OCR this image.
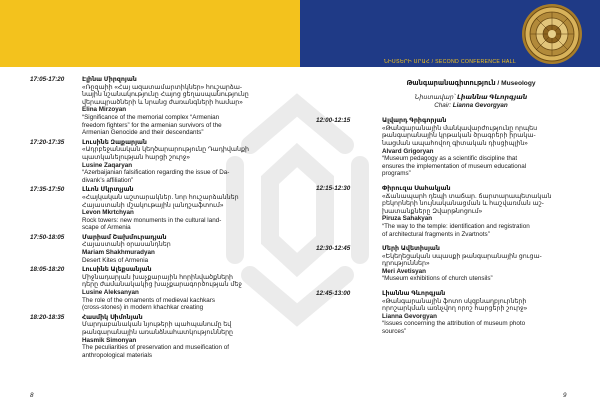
ՆԻՍՏԵՐԻ ՍՐԱՀ / SECOND CONFERENCE HALL
17:05-17:20	Էլինա Միրզոյան
«Ռըզաիի «Հայ ազատամարտիկներ» հուշարձա-
նային նշանակությունը Հայոց ցեղասպանությունը
վերապրածների և նրանց ժառանգների համար»
Elina Mirzoyan
“Significance of the memorial complex “Armenian
freedom fighters” for the armenian survivors of the
Armenian Genocide and their descendants”
17:20-17:35	Լուսինե Զաքարյան
«Ադրբեջանական կեղծարարությունը Դադիվանքի
պատկանելության հարցի շուրջ»
Lusine Zaqaryan
“Azerbaijanian falsification regarding the issue of Da-
divank’s affiliation”
17:35-17:50	Լևոն Մկրտչյան
«Հայկական աշտարակներ. նոր հուշարձաններ
Հայաստանի մշակութային լանդշաֆտում»
Levon Mkrtchyan
Rock towers: new monuments in the cultural land-
scape of Armenia
17:50-18:05	Մարիամ Շախմուրադյան
Հայաստանի օրասանդներ
Mariam Shakhmuradyan
Desert Kites of Armenia
18:05-18:20	Լուսինե Ալեքսանյան
Միջնադարյան խաչքարային հորինվածքների
դերը ժամանակակից խաչքարագործության մեջ
Lusine Aleksanyan
The role of the ornaments of medieval kachkars
(cross-stones) in modern khachkar creating
18:20-18:35	Հասմիկ Սիմոնյան
Մարդաբանական նյութերի պահպանումը եվ
թանգարանային առանձնահատկությունները
Hasmik Simonyan
The peculiarities of preservation and museification of
anthropological materials
Թանգարանագիտություն / Museology
Նիստավար՝ Լիաննա Գևորգյան
Chair: Lianna Gevorgyan
12:00-12:15	Ալվարդ Գրիգորյան
«Թանգարանային մանկավարժությունը որպես
թանգարանային կրթական ծրագրերի իրակա-
նացման ապահովող գիտական դիսցիպլին»
Alvard Grigoryan
“Museum pedagogy as a scientific discipline that
ensures the implementation of museum educational
programs”
12:15-12:30	Փիրուզա Սահակյան
«Ճանապարհ դեպի տաճար. ճարտարապետական
բեկորների նույնականացման և հաշվառման աշ-
խատանքները Զվարթնոցում»
Piruza Sahakyan
“The way to the temple: identification and registration
of architectural fragments in Zvartnots”
12:30-12:45	Մերի Ավետիսյան
«Եկեղեցական սպասքի թանգարանային ցուցա-
դրություններ»
Meri Avetisyan
“Museum exhibitions of church utensils”
12:45-13:00	Լիաննա Գևորգյան
«Թանգարանային ֆոտո սկզբնաղբյուրների
որոշարկման առնչվող որոշ հարցերի շուրջ»
Lianna Gevorgyan
“Issues concerning the attribution of museum photo
sources”
8	9
